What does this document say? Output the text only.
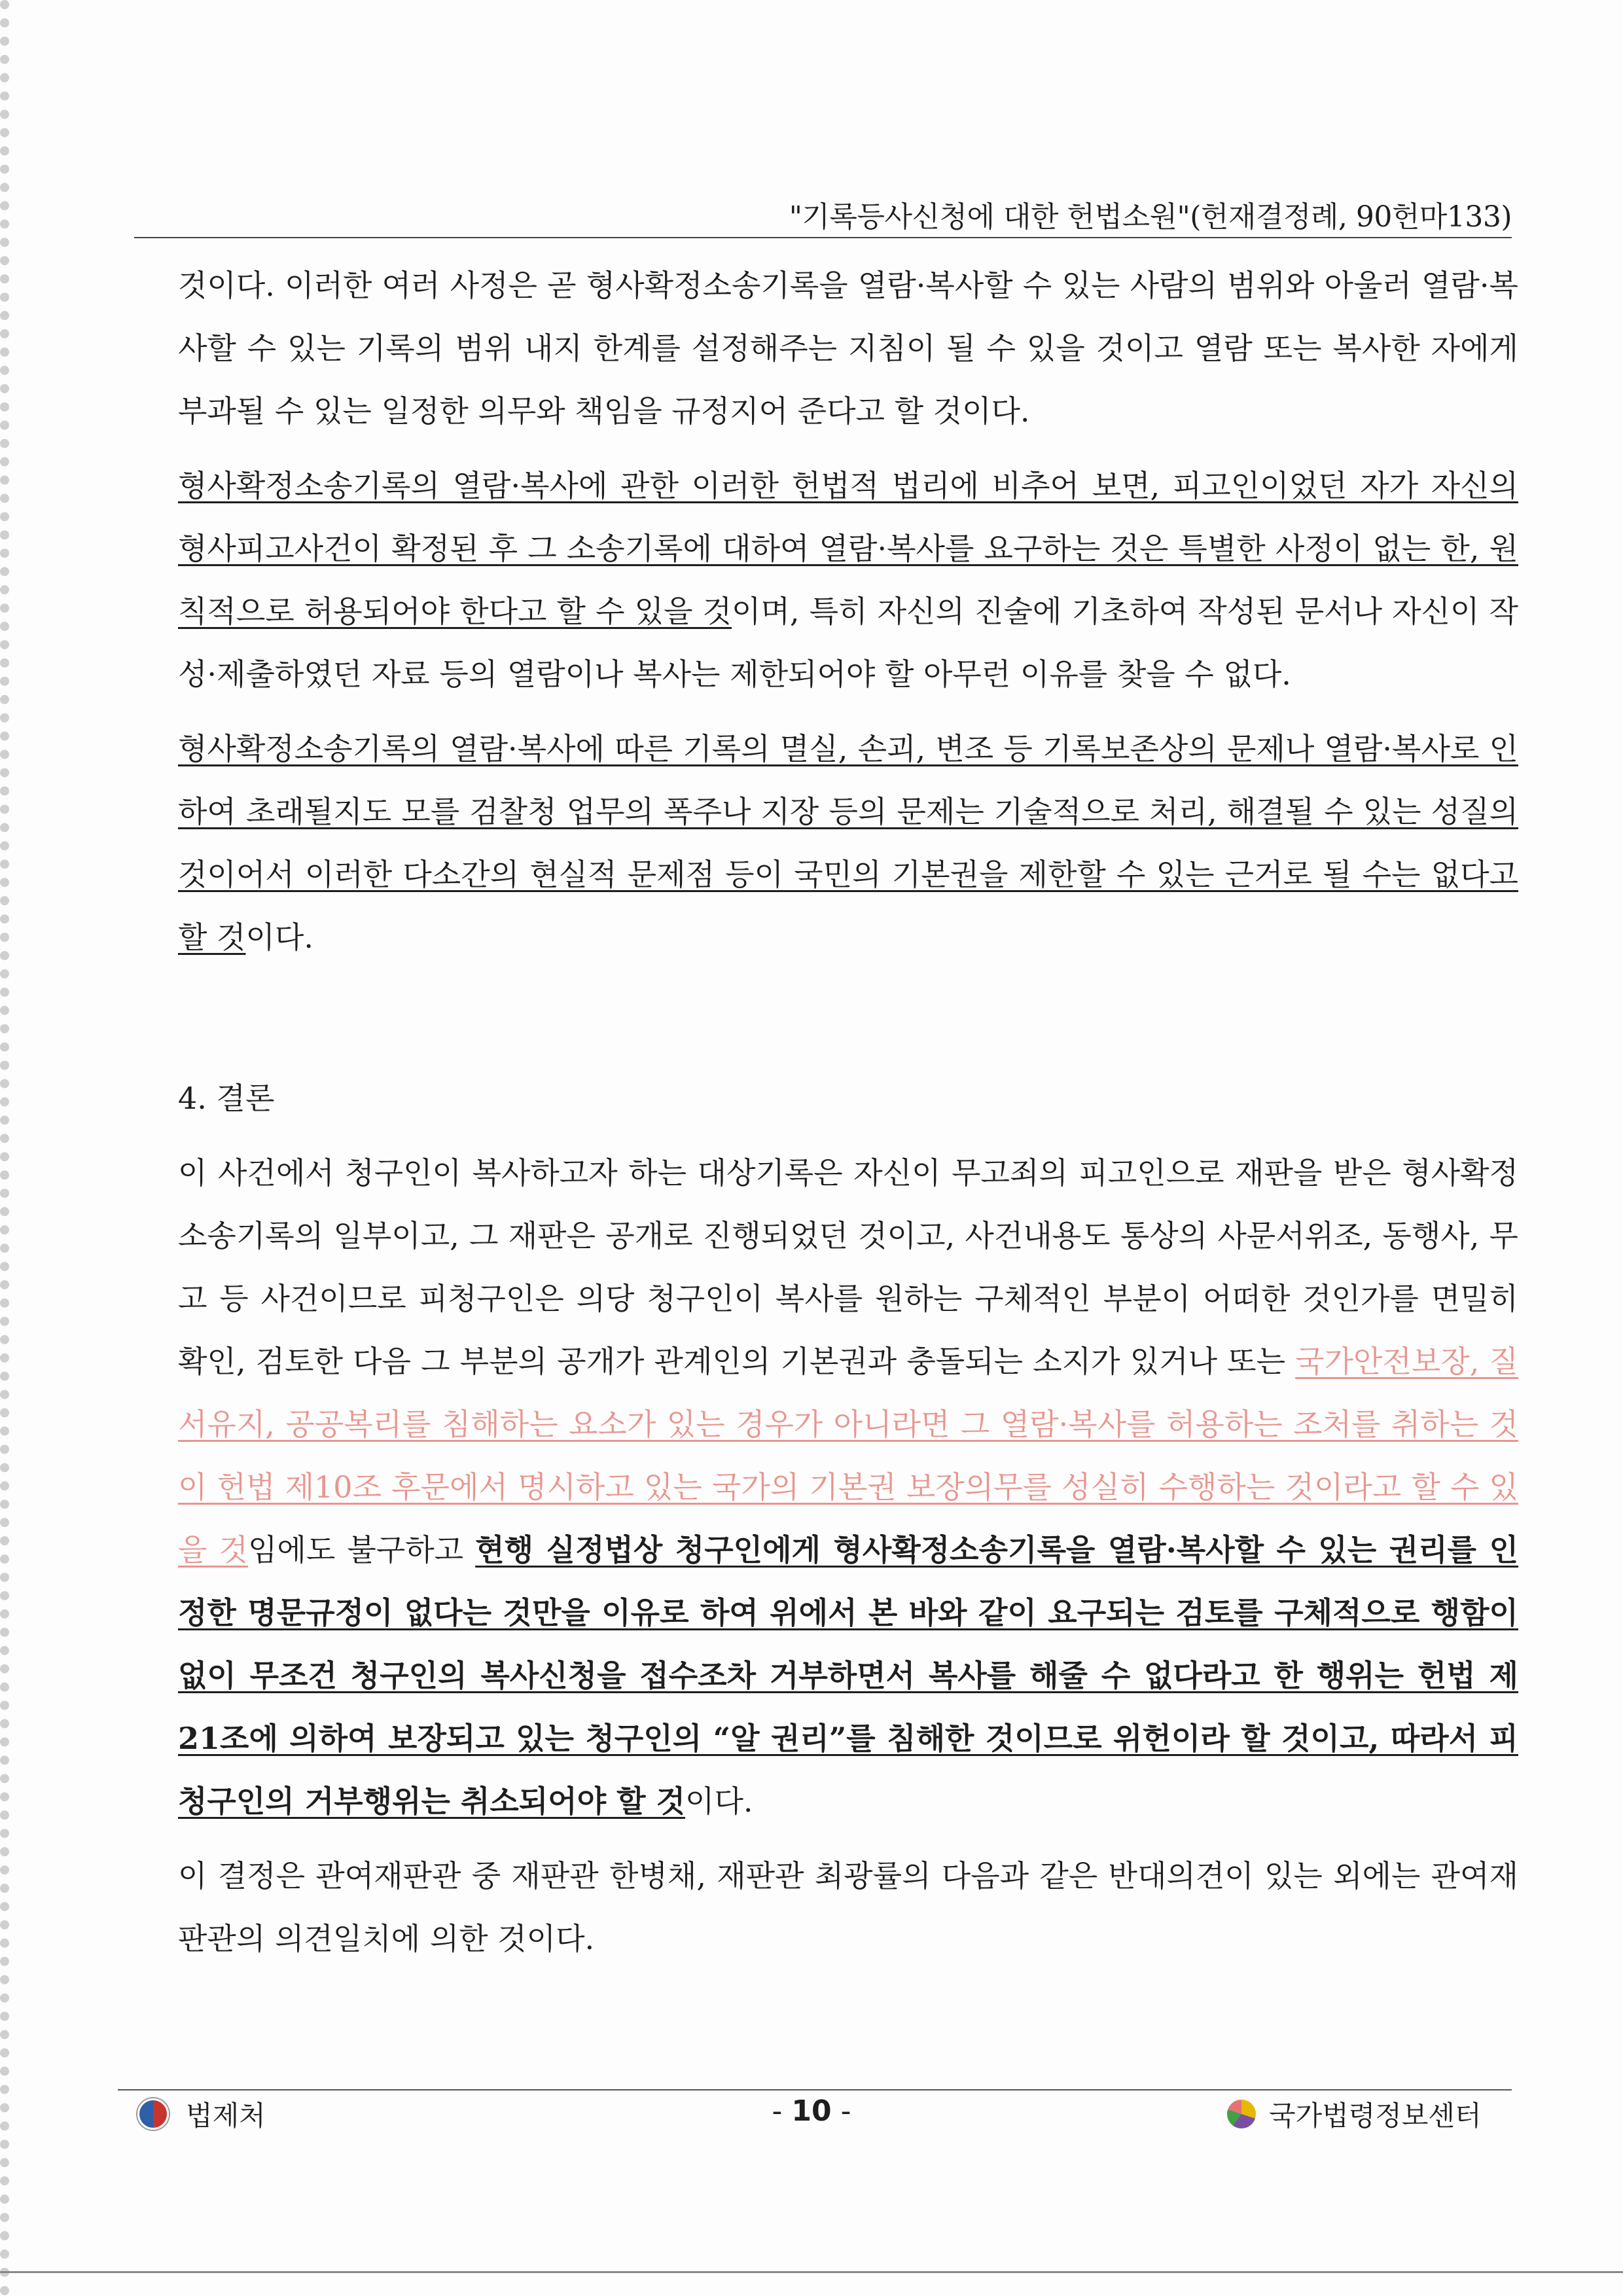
"기록등사신청에 대한 헌법소원"(헌재결정례, 90헌마133)

것이다. 이러한 여러 사정은 곧 형사확정소송기록을 열람·복사할 수 있는 사람의 범위와 아울러 열람·복사할 수 있는 기록의 범위 내지 한계를 설정해주는 지침이 될 수 있을 것이고 열람 또는 복사한 자에게 부과될 수 있는 일정한 의무와 책임을 규정지어 준다고 할 것이다.

형사확정소송기록의 열람·복사에 관한 이러한 헌법적 법리에 비추어 보면, 피고인이었던 자가 자신의 형사피고사건이 확정된 후 그 소송기록에 대하여 열람·복사를 요구하는 것은 특별한 사정이 없는 한, 원칙적으로 허용되어야 한다고 할 수 있을 것이며, 특히 자신의 진술에 기초하여 작성된 문서나 자신이 작성·제출하였던 자료 등의 열람이나 복사는 제한되어야 할 아무런 이유를 찾을 수 없다.

형사확정소송기록의 열람·복사에 따른 기록의 멸실, 손괴, 변조 등 기록보존상의 문제나 열람·복사로 인하여 초래될지도 모를 검찰청 업무의 폭주나 지장 등의 문제는 기술적으로 처리, 해결될 수 있는 성질의 것이어서 이러한 다소간의 현실적 문제점 등이 국민의 기본권을 제한할 수 있는 근거로 될 수는 없다고 할 것이다.

4. 결론

이 사건에서 청구인이 복사하고자 하는 대상기록은 자신이 무고죄의 피고인으로 재판을 받은 형사확정소송기록의 일부이고, 그 재판은 공개로 진행되었던 것이고, 사건내용도 통상의 사문서위조, 동행사, 무고 등 사건이므로 피청구인은 의당 청구인이 복사를 원하는 구체적인 부분이 어떠한 것인가를 면밀히 확인, 검토한 다음 그 부분의 공개가 관계인의 기본권과 충돌되는 소지가 있거나 또는 국가안전보장, 질서유지, 공공복리를 침해하는 요소가 있는 경우가 아니라면 그 열람·복사를 허용하는 조처를 취하는 것이 헌법 제10조 후문에서 명시하고 있는 국가의 기본권 보장의무를 성실히 수행하는 것이라고 할 수 있을 것임에도 불구하고 현행 실정법상 청구인에게 형사확정소송기록을 열람·복사할 수 있는 권리를 인정한 명문규정이 없다는 것만을 이유로 하여 위에서 본 바와 같이 요구되는 검토를 구체적으로 행함이 없이 무조건 청구인의 복사신청을 접수조차 거부하면서 복사를 해줄 수 없다라고 한 행위는 헌법 제21조에 의하여 보장되고 있는 청구인의 “알 권리”를 침해한 것이므로 위헌이라 할 것이고, 따라서 피청구인의 거부행위는 취소되어야 할 것이다.

이 결정은 관여재판관 중 재판관 한병채, 재판관 최광률의 다음과 같은 반대의견이 있는 외에는 관여재판관의 의견일치에 의한 것이다.

법제처	- 10 -	국가법령정보센터
